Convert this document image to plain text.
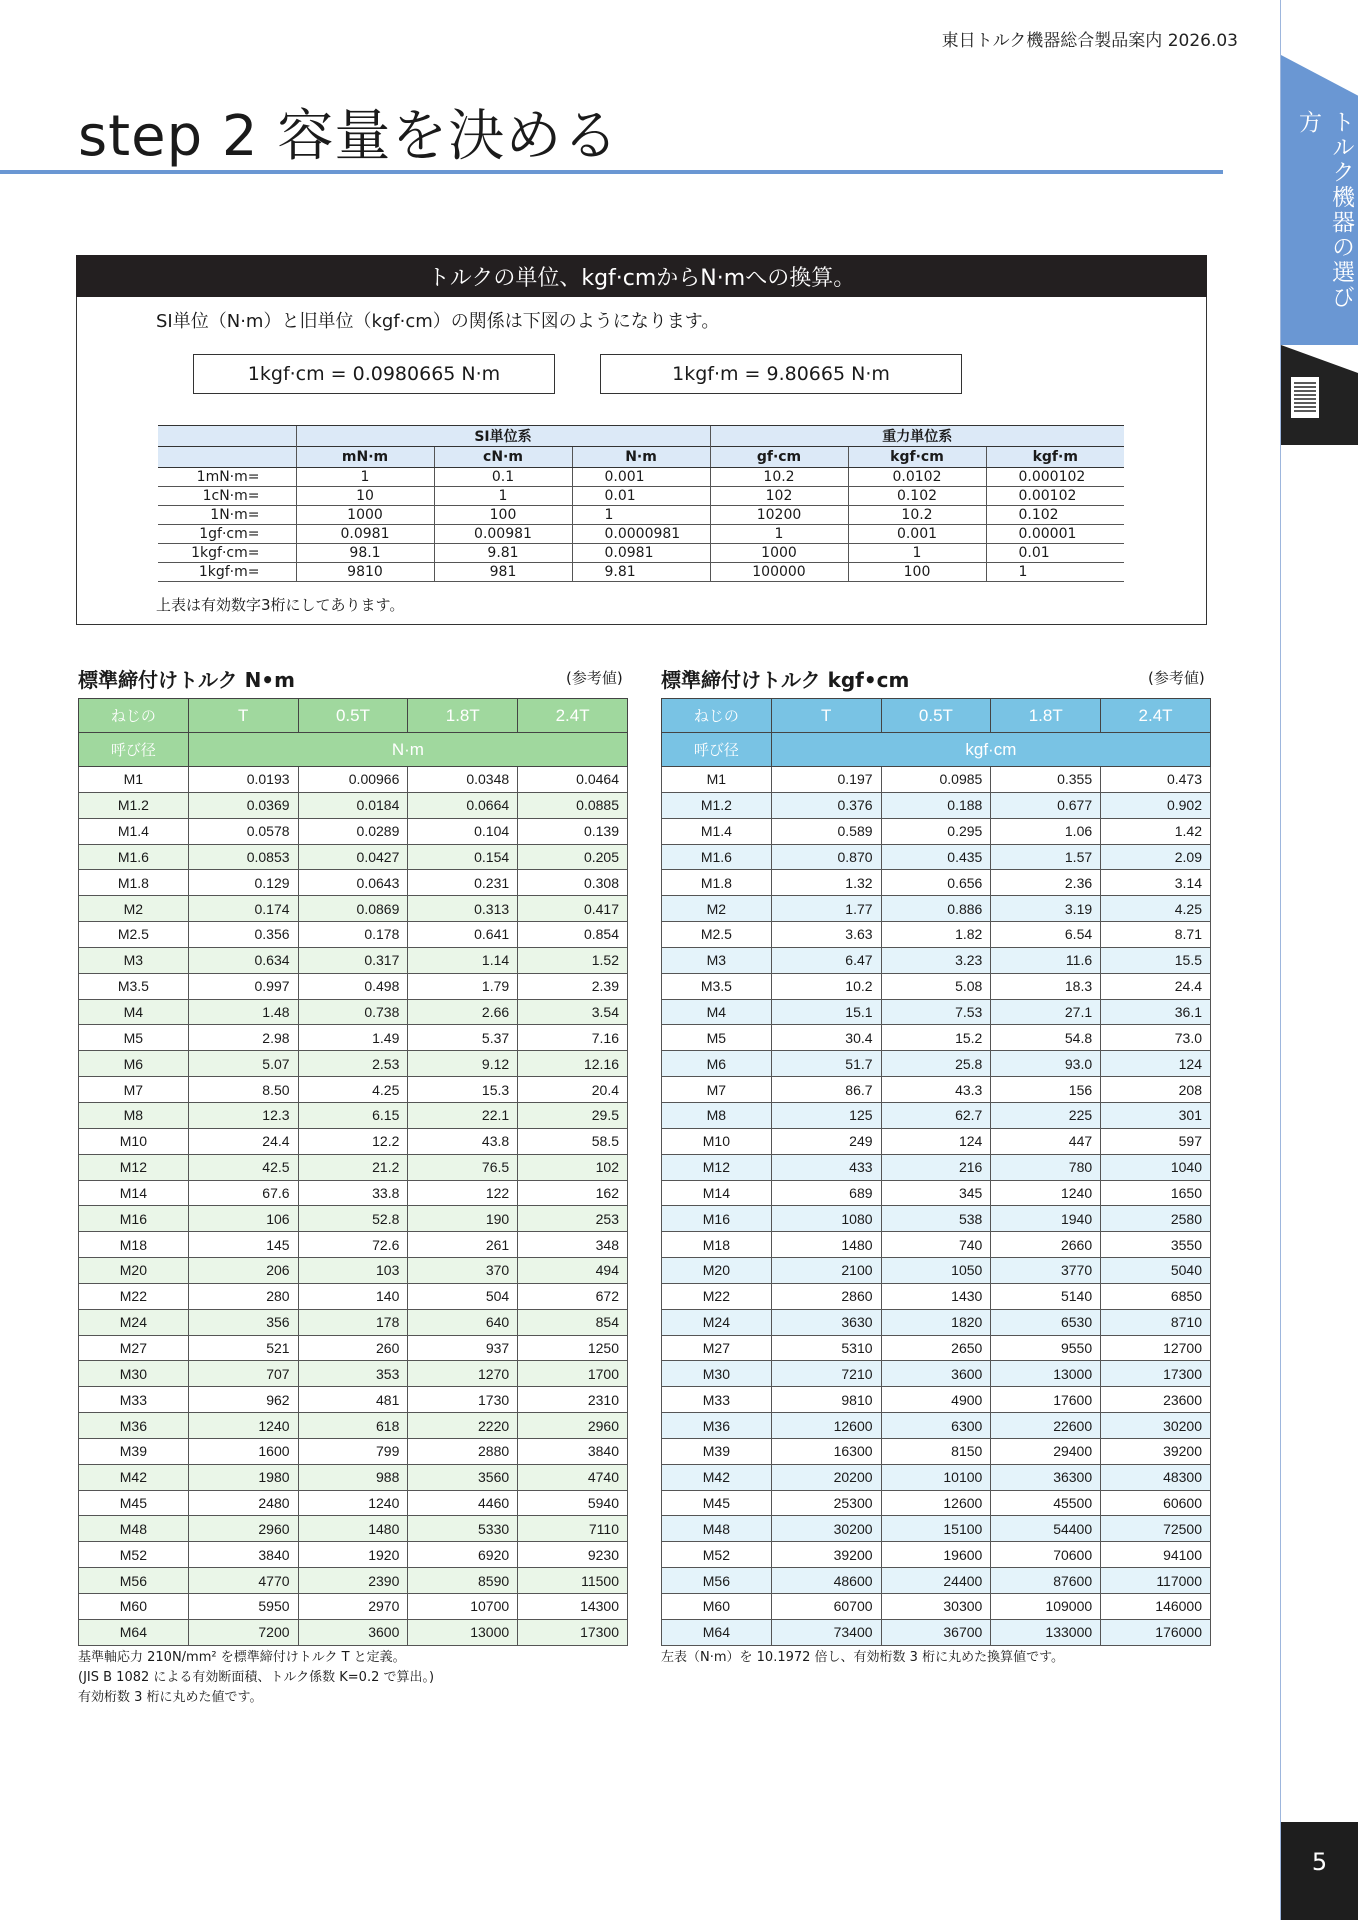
東日トルク機器総合製品案内 2026.03
step 2 容量を決める	トルク機器の選び方
5
トルクの単位、kgf·cmからN·mへの換算。
SI単位（N·m）と旧単位（kgf·cm）の関係は下図のようになります。
1kgf·cm = 0.0980665 N·m	1kgf·m = 9.80665 N·m
	SI単位系			重力単位系		
	mN·m	cN·m	N·m	gf·cm	kgf·cm	kgf·m
1mN·m=	1	0.1	0.001	10.2	0.0102	0.000102
1cN·m=	10	1	0.01	102	0.102	0.00102
1N·m=	1000	100	1	10200	10.2	0.102
1gf·cm=	0.0981	0.00981	0.0000981	1	0.001	0.00001
1kgf·cm=	98.1	9.81	0.0981	1000	1	0.01
1kgf·m=	9810	981	9.81	100000	100	1
上表は有効数字3桁にしてあります。
標準締付けトルク N•m	(参考値)
ねじの	T	0.5T	1.8T	2.4T
呼び径	N·m			
M1	0.0193	0.00966	0.0348	0.0464
M1.2	0.0369	0.0184	0.0664	0.0885
M1.4	0.0578	0.0289	0.104	0.139
M1.6	0.0853	0.0427	0.154	0.205
M1.8	0.129	0.0643	0.231	0.308
M2	0.174	0.0869	0.313	0.417
M2.5	0.356	0.178	0.641	0.854
M3	0.634	0.317	1.14	1.52
M3.5	0.997	0.498	1.79	2.39
M4	1.48	0.738	2.66	3.54
M5	2.98	1.49	5.37	7.16
M6	5.07	2.53	9.12	12.16
M7	8.50	4.25	15.3	20.4
M8	12.3	6.15	22.1	29.5
M10	24.4	12.2	43.8	58.5
M12	42.5	21.2	76.5	102
M14	67.6	33.8	122	162
M16	106	52.8	190	253
M18	145	72.6	261	348
M20	206	103	370	494
M22	280	140	504	672
M24	356	178	640	854
M27	521	260	937	1250
M30	707	353	1270	1700
M33	962	481	1730	2310
M36	1240	618	2220	2960
M39	1600	799	2880	3840
M42	1980	988	3560	4740
M45	2480	1240	4460	5940
M48	2960	1480	5330	7110
M52	3840	1920	6920	9230
M56	4770	2390	8590	11500
M60	5950	2970	10700	14300
M64	7200	3600	13000	17300
基準軸応力 210N/mm² を標準締付けトルク T と定義。
(JIS B 1082 による有効断面積、トルク係数 K=0.2 で算出。)
有効桁数 3 桁に丸めた値です。
標準締付けトルク kgf•cm	(参考値)
ねじの	T	0.5T	1.8T	2.4T
呼び径	kgf·cm			
M1	0.197	0.0985	0.355	0.473
M1.2	0.376	0.188	0.677	0.902
M1.4	0.589	0.295	1.06	1.42
M1.6	0.870	0.435	1.57	2.09
M1.8	1.32	0.656	2.36	3.14
M2	1.77	0.886	3.19	4.25
M2.5	3.63	1.82	6.54	8.71
M3	6.47	3.23	11.6	15.5
M3.5	10.2	5.08	18.3	24.4
M4	15.1	7.53	27.1	36.1
M5	30.4	15.2	54.8	73.0
M6	51.7	25.8	93.0	124
M7	86.7	43.3	156	208
M8	125	62.7	225	301
M10	249	124	447	597
M12	433	216	780	1040
M14	689	345	1240	1650
M16	1080	538	1940	2580
M18	1480	740	2660	3550
M20	2100	1050	3770	5040
M22	2860	1430	5140	6850
M24	3630	1820	6530	8710
M27	5310	2650	9550	12700
M30	7210	3600	13000	17300
M33	9810	4900	17600	23600
M36	12600	6300	22600	30200
M39	16300	8150	29400	39200
M42	20200	10100	36300	48300
M45	25300	12600	45500	60600
M48	30200	15100	54400	72500
M52	39200	19600	70600	94100
M56	48600	24400	87600	117000
M60	60700	30300	109000	146000
M64	73400	36700	133000	176000
左表（N·m）を 10.1972 倍し、有効桁数 3 桁に丸めた換算値です。
